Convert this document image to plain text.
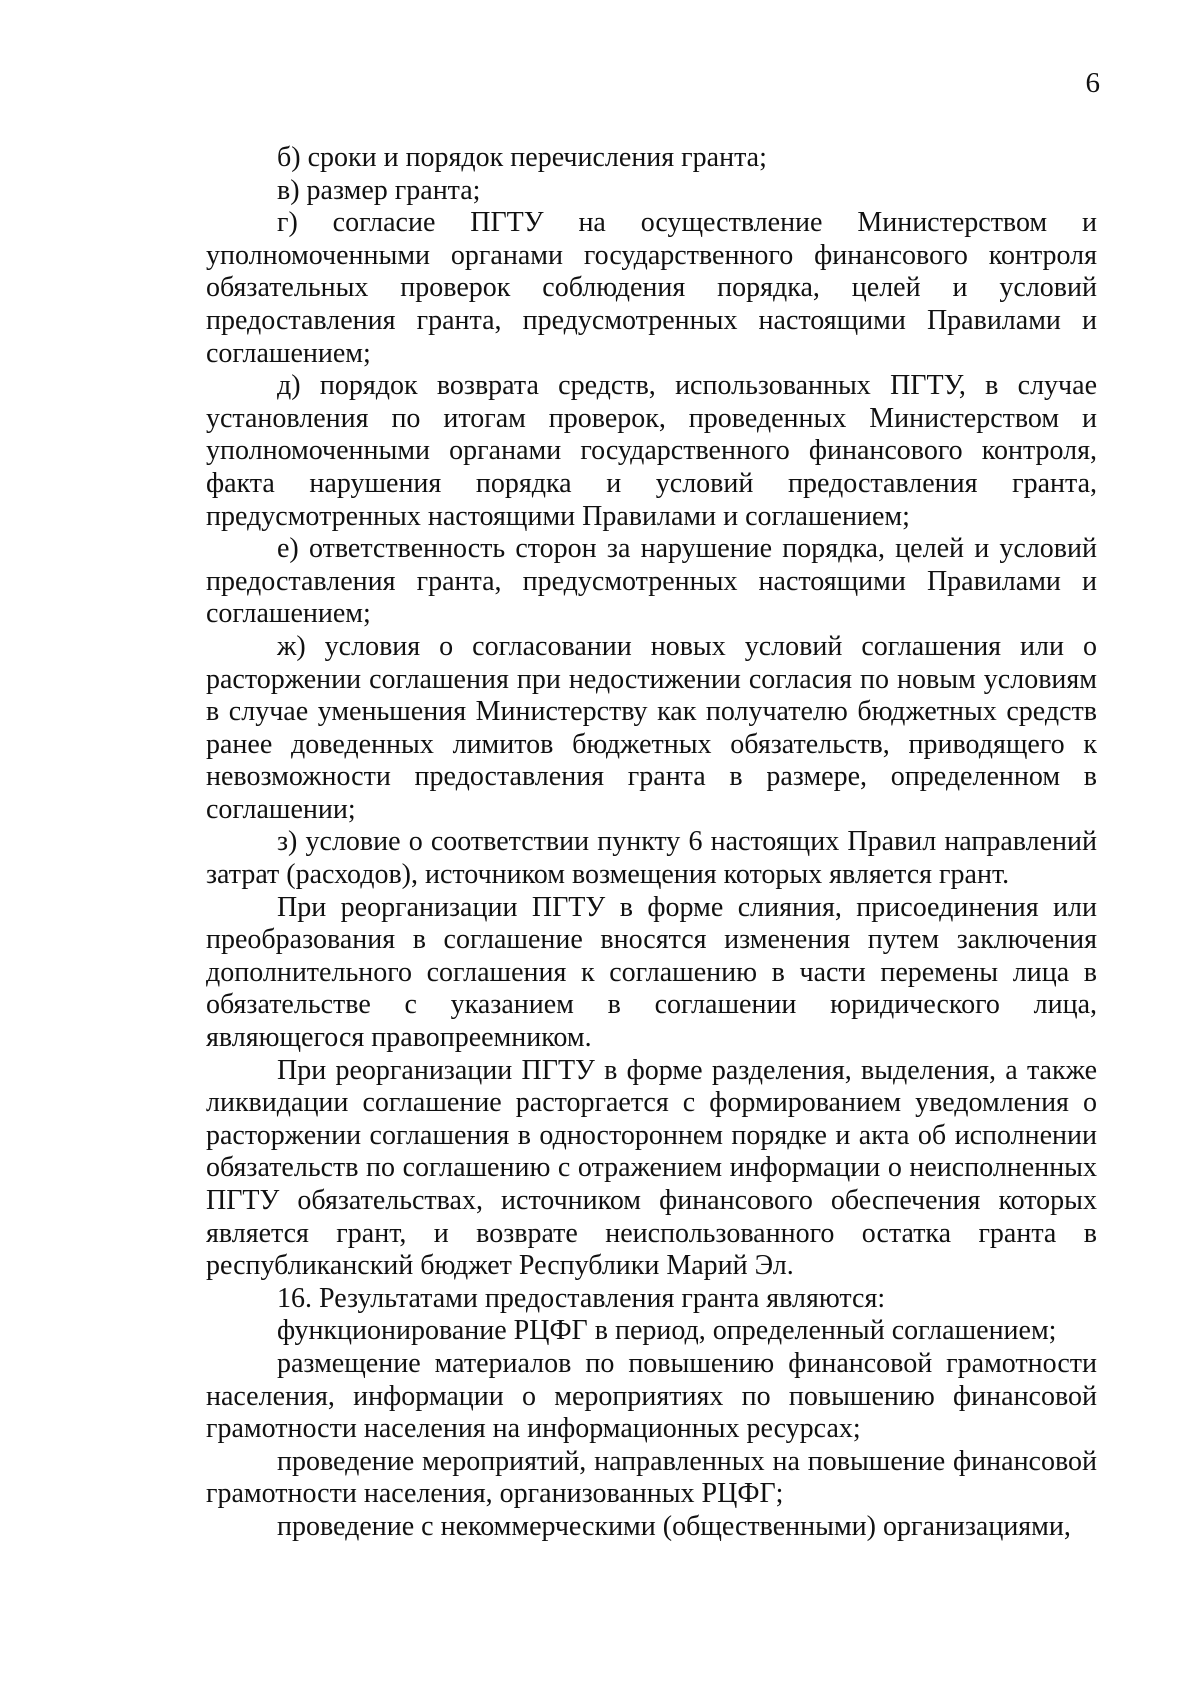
6

б) сроки и порядок перечисления гранта;

в) размер гранта;

г) согласие ПГТУ на осуществление Министерством и уполномоченными органами государственного финансового контроля обязательных проверок соблюдения порядка, целей и условий предоставления гранта, предусмотренных настоящими Правилами и соглашением;

д) порядок возврата средств, использованных ПГТУ, в случае установления по итогам проверок, проведенных Министерством и уполномоченными органами государственного финансового контроля, факта нарушения порядка и условий предоставления гранта, предусмотренных настоящими Правилами и соглашением;

е) ответственность сторон за нарушение порядка, целей и условий предоставления гранта, предусмотренных настоящими Правилами и соглашением;

ж) условия о согласовании новых условий соглашения или о расторжении соглашения при недостижении согласия по новым условиям в случае уменьшения Министерству как получателю бюджетных средств ранее доведенных лимитов бюджетных обязательств, приводящего к невозможности предоставления гранта в размере, определенном в соглашении;

з) условие о соответствии пункту 6 настоящих Правил направлений затрат (расходов), источником возмещения которых является грант.

При реорганизации ПГТУ в форме слияния, присоединения или преобразования в соглашение вносятся изменения путем заключения дополнительного соглашения к соглашению в части перемены лица в обязательстве с указанием в соглашении юридического лица, являющегося правопреемником.

При реорганизации ПГТУ в форме разделения, выделения, а также ликвидации соглашение расторгается с формированием уведомления о расторжении соглашения в одностороннем порядке и акта об исполнении обязательств по соглашению с отражением информации о неисполненных ПГТУ обязательствах, источником финансового обеспечения которых является грант, и возврате неиспользованного остатка гранта в республиканский бюджет Республики Марий Эл.

16. Результатами предоставления гранта являются:

функционирование РЦФГ в период, определенный соглашением;

размещение материалов по повышению финансовой грамотности населения, информации о мероприятиях по повышению финансовой грамотности населения на информационных ресурсах;

проведение мероприятий, направленных на повышение финансовой грамотности населения, организованных РЦФГ;

проведение с некоммерческими (общественными) организациями,
